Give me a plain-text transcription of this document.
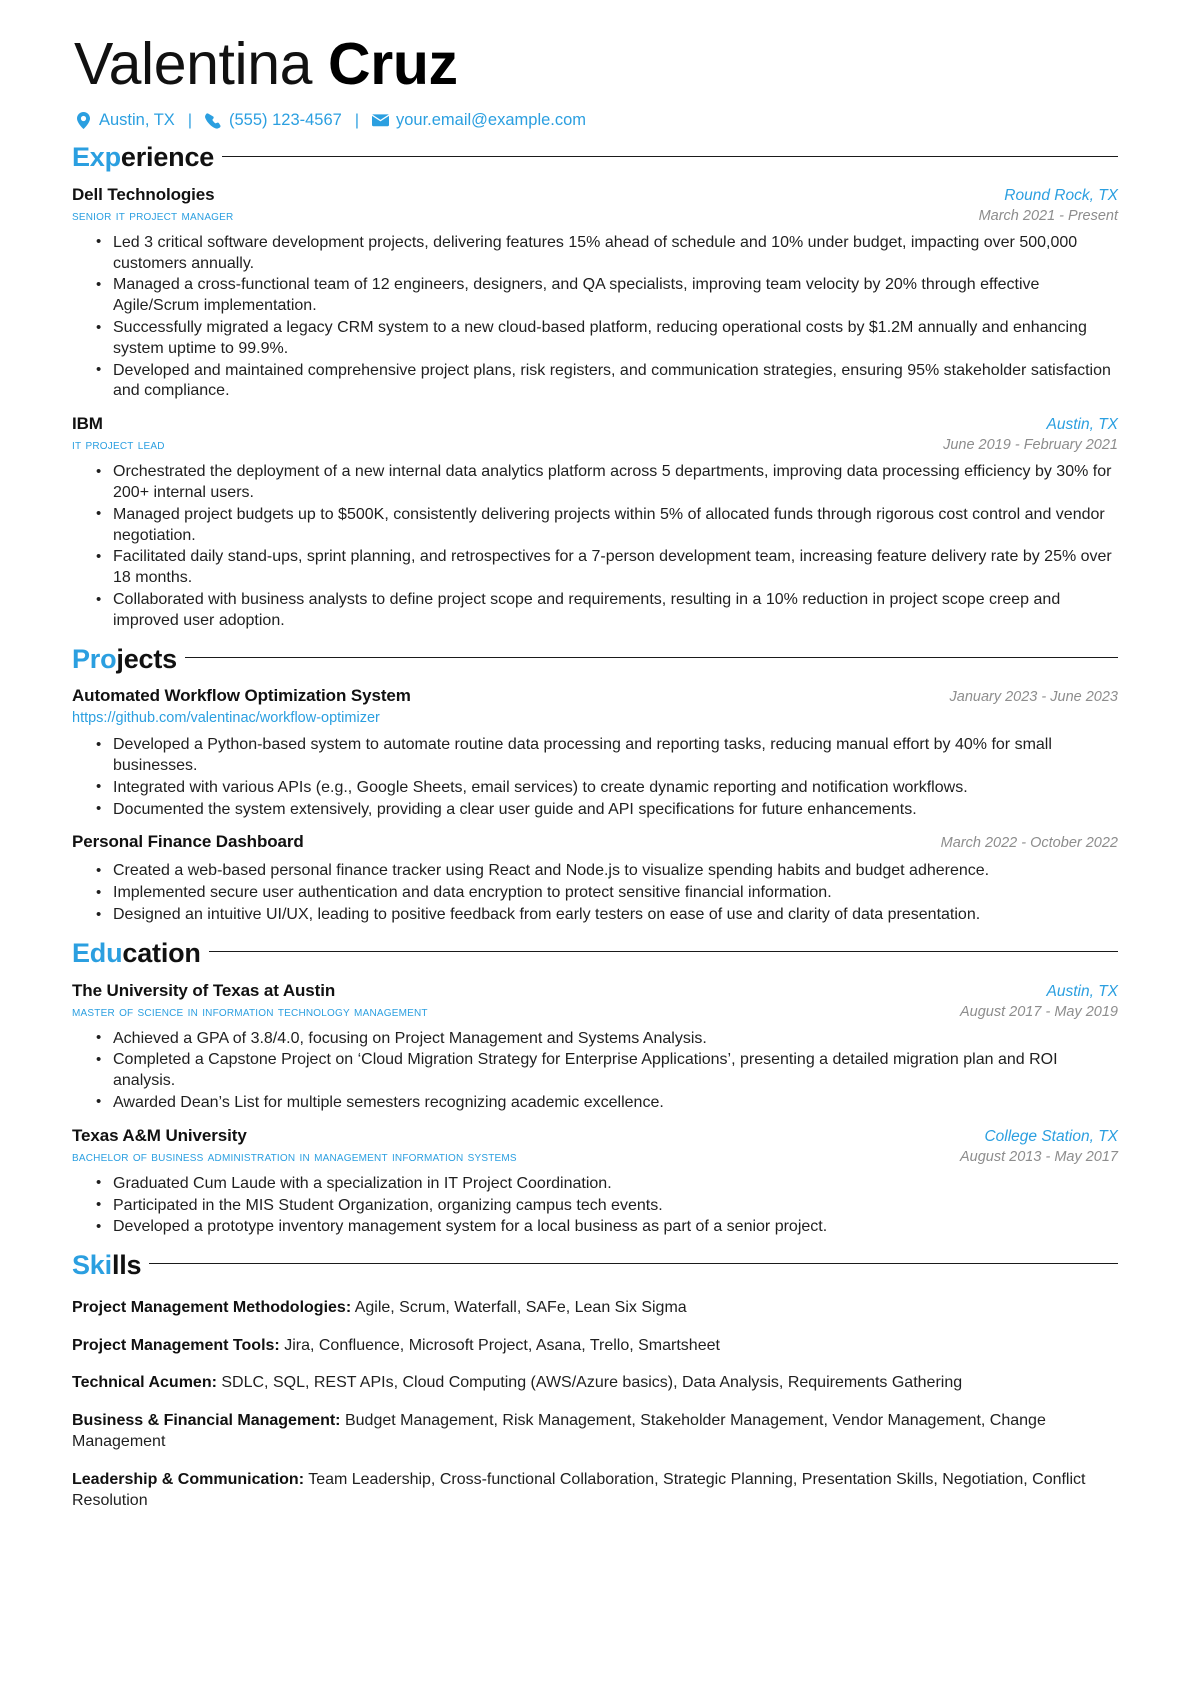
Valentina Cruz
Austin, TX |	(555) 123-4567 |	your.email@example.com
Experience
Dell Technologies	Round Rock, TX
senior it project manager	March 2021 - Present
• Led 3 critical software development projects, delivering features 15% ahead of schedule and 10% under budget, impacting over 500,000 customers annually.
• Managed a cross-functional team of 12 engineers, designers, and QA specialists, improving team velocity by 20% through effective Agile/Scrum implementation.
• Successfully migrated a legacy CRM system to a new cloud-based platform, reducing operational costs by $1.2M annually and enhancing system uptime to 99.9%.
• Developed and maintained comprehensive project plans, risk registers, and communication strategies, ensuring 95% stakeholder satisfaction and compliance.
IBM	Austin, TX
it project lead	June 2019 - February 2021
• Orchestrated the deployment of a new internal data analytics platform across 5 departments, improving data processing efficiency by 30% for 200+ internal users.
• Managed project budgets up to $500K, consistently delivering projects within 5% of allocated funds through rigorous cost control and vendor negotiation.
• Facilitated daily stand-ups, sprint planning, and retrospectives for a 7-person development team, increasing feature delivery rate by 25% over 18 months.
• Collaborated with business analysts to define project scope and requirements, resulting in a 10% reduction in project scope creep and improved user adoption.
Projects
Automated Workflow Optimization System	January 2023 - June 2023
https://github.com/valentinac/workflow-optimizer
• Developed a Python-based system to automate routine data processing and reporting tasks, reducing manual effort by 40% for small businesses.
• Integrated with various APIs (e.g., Google Sheets, email services) to create dynamic reporting and notification workflows.
• Documented the system extensively, providing a clear user guide and API specifications for future enhancements.
Personal Finance Dashboard	March 2022 - October 2022
• Created a web-based personal finance tracker using React and Node.js to visualize spending habits and budget adherence.
• Implemented secure user authentication and data encryption to protect sensitive financial information.
• Designed an intuitive UI/UX, leading to positive feedback from early testers on ease of use and clarity of data presentation.
Education
The University of Texas at Austin	Austin, TX
master of science in information technology management	August 2017 - May 2019
• Achieved a GPA of 3.8/4.0, focusing on Project Management and Systems Analysis.
• Completed a Capstone Project on ‘Cloud Migration Strategy for Enterprise Applications’, presenting a detailed migration plan and ROI analysis.
• Awarded Dean’s List for multiple semesters recognizing academic excellence.
Texas A&M University	College Station, TX
bachelor of business administration in management information systems	August 2013 - May 2017
• Graduated Cum Laude with a specialization in IT Project Coordination.
• Participated in the MIS Student Organization, organizing campus tech events.
• Developed a prototype inventory management system for a local business as part of a senior project.
Skills
Project Management Methodologies: Agile, Scrum, Waterfall, SAFe, Lean Six Sigma
Project Management Tools: Jira, Confluence, Microsoft Project, Asana, Trello, Smartsheet
Technical Acumen: SDLC, SQL, REST APIs, Cloud Computing (AWS/Azure basics), Data Analysis, Requirements Gathering
Business & Financial Management: Budget Management, Risk Management, Stakeholder Management, Vendor Management, Change Management
Leadership & Communication: Team Leadership, Cross-functional Collaboration, Strategic Planning, Presentation Skills, Negotiation, Conflict Resolution
